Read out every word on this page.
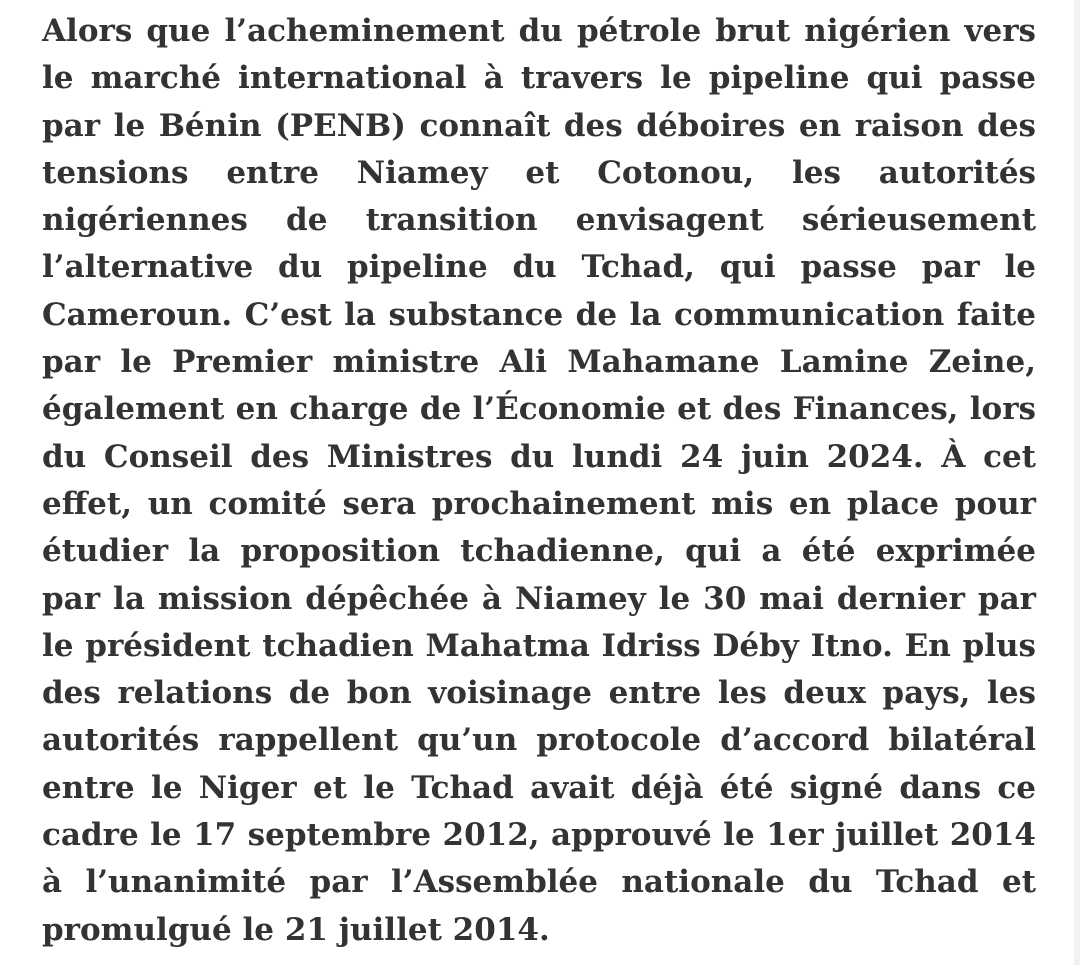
Alors que l’acheminement du pétrole brut nigérien vers le marché international à travers le pipeline qui passe par le Bénin (PENB) connaît des déboires en raison des tensions entre Niamey et Cotonou, les autorités nigériennes de transition envisagent sérieusement l’alternative du pipeline du Tchad, qui passe par le Cameroun. C’est la substance de la communication faite par le Premier ministre Ali Mahamane Lamine Zeine, également en charge de l’Économie et des Finances, lors du Conseil des Ministres du lundi 24 juin 2024. À cet effet, un comité sera prochainement mis en place pour étudier la proposition tchadienne, qui a été exprimée par la mission dépêchée à Niamey le 30 mai dernier par le président tchadien Mahatma Idriss Déby Itno. En plus des relations de bon voisinage entre les deux pays, les autorités rappellent qu’un protocole d’accord bilatéral entre le Niger et le Tchad avait déjà été signé dans ce cadre le 17 septembre 2012, approuvé le 1er juillet 2014 à l’unanimité par l’Assemblée nationale du Tchad et promulgué le 21 juillet 2014.
